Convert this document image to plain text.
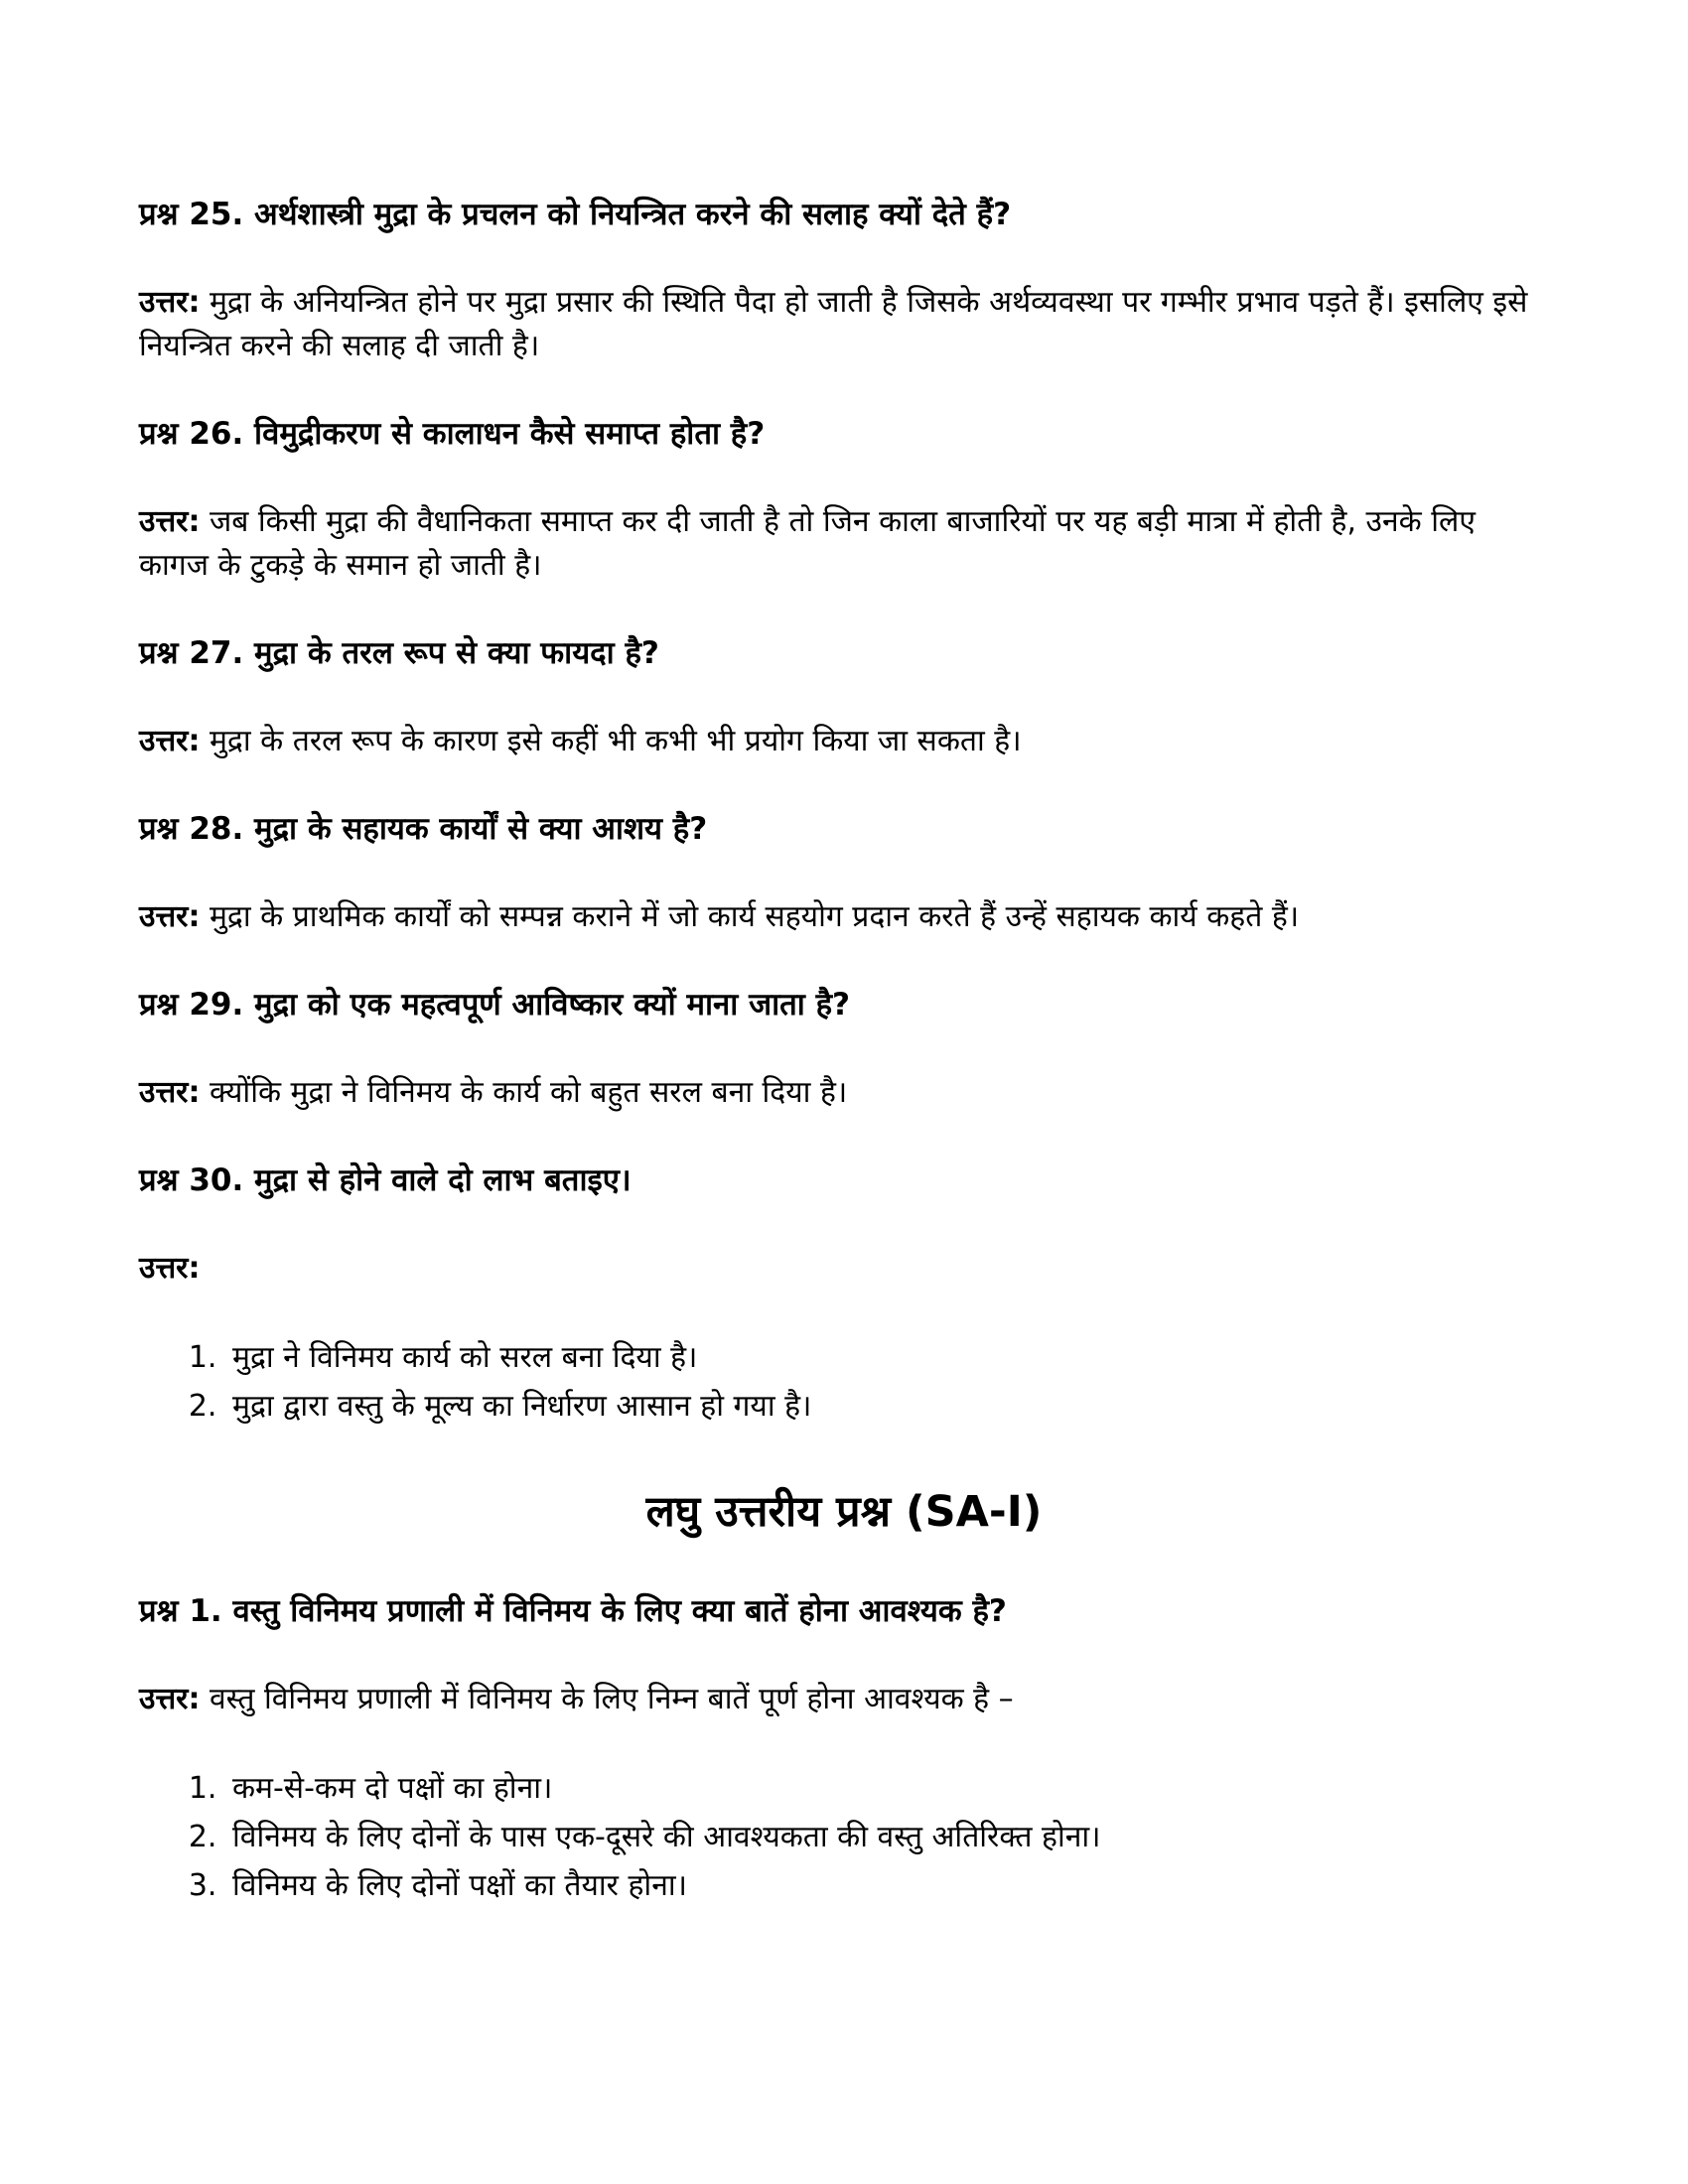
प्रश्न 25. अर्थशास्त्री मुद्रा के प्रचलन को नियन्त्रित करने की सलाह क्यों देते हैं?

उत्तर: मुद्रा के अनियन्त्रित होने पर मुद्रा प्रसार की स्थिति पैदा हो जाती है जिसके अर्थव्यवस्था पर गम्भीर प्रभाव पड़ते हैं। इसलिए इसे नियन्त्रित करने की सलाह दी जाती है।

प्रश्न 26. विमुद्रीकरण से कालाधन कैसे समाप्त होता है?

उत्तर: जब किसी मुद्रा की वैधानिकता समाप्त कर दी जाती है तो जिन काला बाजारियों पर यह बड़ी मात्रा में होती है, उनके लिए कागज के टुकड़े के समान हो जाती है।

प्रश्न 27. मुद्रा के तरल रूप से क्या फायदा है?

उत्तर: मुद्रा के तरल रूप के कारण इसे कहीं भी कभी भी प्रयोग किया जा सकता है।

प्रश्न 28. मुद्रा के सहायक कार्यों से क्या आशय है?

उत्तर: मुद्रा के प्राथमिक कार्यों को सम्पन्न कराने में जो कार्य सहयोग प्रदान करते हैं उन्हें सहायक कार्य कहते हैं।

प्रश्न 29. मुद्रा को एक महत्वपूर्ण आविष्कार क्यों माना जाता है?

उत्तर: क्योंकि मुद्रा ने विनिमय के कार्य को बहुत सरल बना दिया है।

प्रश्न 30. मुद्रा से होने वाले दो लाभ बताइए।

उत्तर:

1. मुद्रा ने विनिमय कार्य को सरल बना दिया है।
2. मुद्रा द्वारा वस्तु के मूल्य का निर्धारण आसान हो गया है।
लघु उत्तरीय प्रश्न (SA-I)
प्रश्न 1. वस्तु विनिमय प्रणाली में विनिमय के लिए क्या बातें होना आवश्यक है?

उत्तर: वस्तु विनिमय प्रणाली में विनिमय के लिए निम्न बातें पूर्ण होना आवश्यक है –

1. कम-से-कम दो पक्षों का होना।
2. विनिमय के लिए दोनों के पास एक-दूसरे की आवश्यकता की वस्तु अतिरिक्त होना।
3. विनिमय के लिए दोनों पक्षों का तैयार होना।
